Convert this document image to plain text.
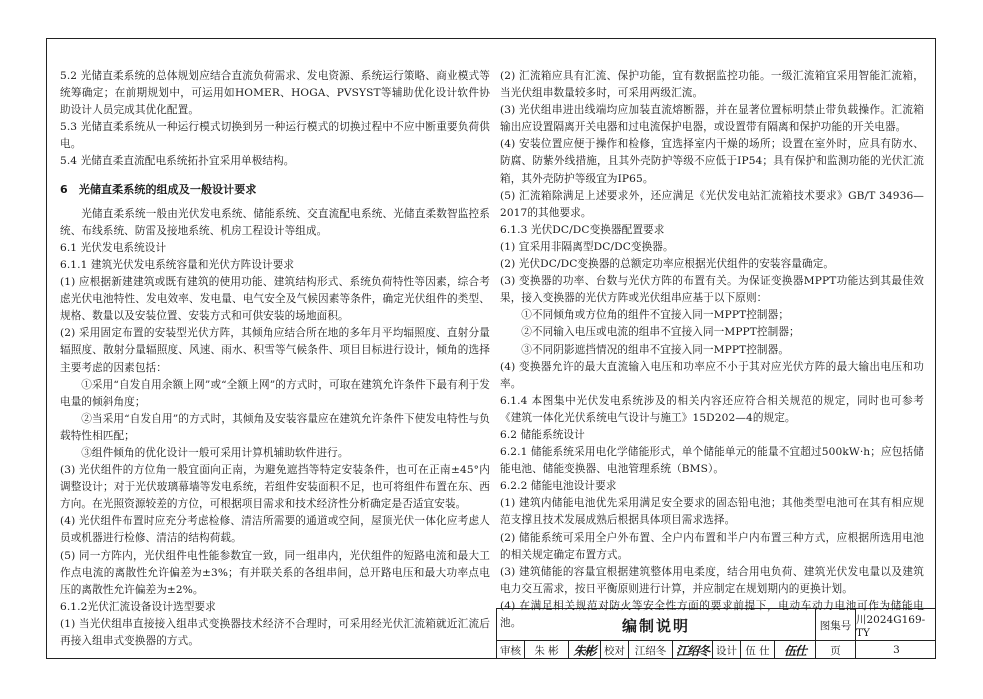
5.2 光储直柔系统的总体规划应结合直流负荷需求、发电资源、系统运行策略、商业模式等统筹确定；在前期规划中，可运用如HOMER、HOGA、PVSYST等辅助优化设计软件协助设计人员完成其优化配置。

5.3 光储直柔系统从一种运行模式切换到另一种运行模式的切换过程中不应中断重要负荷供电。

5.4 光储直柔直流配电系统拓扑宜采用单极结构。

6　光储直柔系统的组成及一般设计要求

光储直柔系统一般由光伏发电系统、储能系统、交直流配电系统、光储直柔数智监控系统、布线系统、防雷及接地系统、机房工程设计等组成。

6.1 光伏发电系统设计

6.1.1 建筑光伏发电系统容量和光伏方阵设计要求

(1) 应根据新建建筑或既有建筑的使用功能、建筑结构形式、系统负荷特性等因素，综合考虑光伏电池特性、发电效率、发电量、电气安全及气候因素等条件，确定光伏组件的类型、规格、数量以及安装位置、安装方式和可供安装的场地面积。

(2) 采用固定布置的安装型光伏方阵，其倾角应结合所在地的多年月平均辐照度、直射分量辐照度、散射分量辐照度、风速、雨水、积雪等气候条件、项目目标进行设计，倾角的选择主要考虑的因素包括：

①采用“自发自用余额上网”或“全额上网”的方式时，可取在建筑允许条件下最有利于发电量的倾斜角度；

②当采用“自发自用”的方式时，其倾角及安装容量应在建筑允许条件下使发电特性与负载特性相匹配；

③组件倾角的优化设计一般可采用计算机辅助软件进行。

(3) 光伏组件的方位角一般宜面向正南，为避免遮挡等特定安装条件，也可在正南±45°内调整设计；对于光伏玻璃幕墙等发电系统，若组件安装面积不足，也可将组件布置在东、西方向。在光照资源较差的方位，可根据项目需求和技术经济性分析确定是否适宜安装。

(4) 光伏组件布置时应充分考虑检修、清洁所需要的通道或空间，屋顶光伏一体化应考虑人员或机器进行检修、清洁的结构荷载。

(5) 同一方阵内，光伏组件电性能参数宜一致，同一组串内，光伏组件的短路电流和最大工作点电流的离散性允许偏差为±3%；有并联关系的各组串间，总开路电压和最大功率点电压的离散性允许偏差为±2%。

6.1.2光伏汇流设备设计选型要求

(1) 当光伏组串直接接入组串式变换器技术经济不合理时，可采用经光伏汇流箱就近汇流后再接入组串式变换器的方式。

(2) 汇流箱应具有汇流、保护功能，宜有数据监控功能。一级汇流箱宜采用智能汇流箱，当光伏组串数量较多时，可采用两级汇流。

(3) 光伏组串进出线端均应加装直流熔断器，并在显著位置标明禁止带负载操作。汇流箱输出应设置隔离开关电器和过电流保护电器，或设置带有隔离和保护功能的开关电器。

(4) 安装位置应便于操作和检修，宜选择室内干燥的场所；设置在室外时，应具有防水、防腐、防紫外线措施，且其外壳防护等级不应低于IP54；具有保护和监测功能的光伏汇流箱，其外壳防护等级宜为IP65。

(5) 汇流箱除满足上述要求外，还应满足《光伏发电站汇流箱技术要求》GB/T 34936—2017的其他要求。

6.1.3 光伏DC/DC变换器配置要求

(1) 宜采用非隔离型DC/DC变换器。

(2) 光伏DC/DC变换器的总额定功率应根据光伏组件的安装容量确定。

(3) 变换器的功率、台数与光伏方阵的布置有关。为保证变换器MPPT功能达到其最佳效果，接入变换器的光伏方阵或光伏组串应基于以下原则：

①不同倾角或方位角的组件不宜接入同一MPPT控制器；

②不同输入电压或电流的组串不宜接入同一MPPT控制器；

③不同阴影遮挡情况的组串不宜接入同一MPPT控制器。

(4) 变换器允许的最大直流输入电压和功率应不小于其对应光伏方阵的最大输出电压和功率。

6.1.4 本图集中光伏发电系统涉及的相关内容还应符合相关规范的规定，同时也可参考《建筑一体化光伏系统电气设计与施工》15D202—4的规定。

6.2 储能系统设计

6.2.1 储能系统采用电化学储能形式，单个储能单元的能量不宜超过500kW·h；应包括储能电池、储能变换器、电池管理系统（BMS）。

6.2.2 储能电池设计要求

(1) 建筑内储能电池优先采用满足安全要求的固态铅电池；其他类型电池可在其有相应规范支撑且技术发展成熟后根据具体项目需求选择。

(2) 储能系统可采用全户外布置、全户内布置和半户内布置三种方式，应根据所选用电池的相关规定确定布置方式。

(3) 建筑储能的容量宜根据建筑整体用电柔度，结合用电负荷、建筑光伏发电量以及建筑电力交互需求，按日平衡原则进行计算，并应制定在规划期内的更换计划。

(4) 在满足相关规范对防火等安全性方面的要求前提下，电动车动力电池可作为储能电池。	编制说明	图集号 川2024G169-TY
审核	朱 彬	朱彬 校对 江绍冬 江绍冬 设计 伍 仕	伍仕	页	3
